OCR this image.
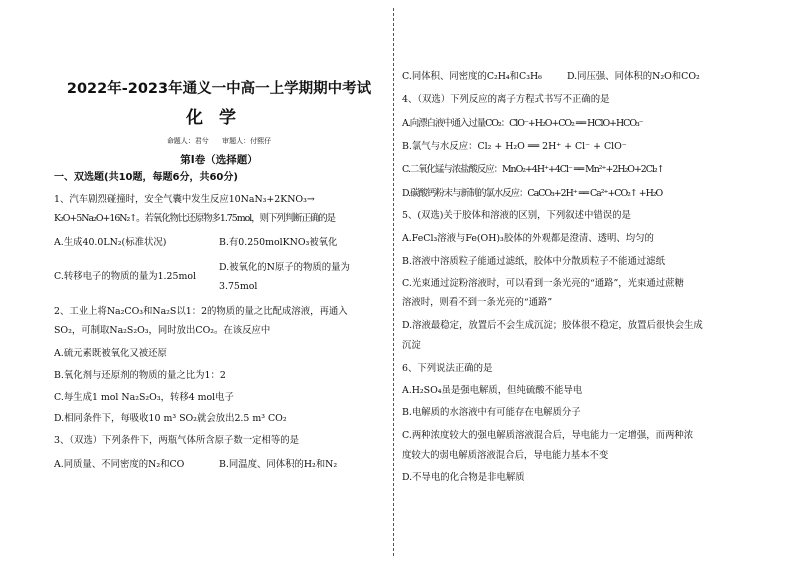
2022年-2023年通义一中高一上学期期中考试
化学
命题人：君兮 审题人：付熙仔
第I卷（选择题）
一、双选题(共10题，每题6分，共60分)
1、汽车剧烈碰撞时，安全气囊中发生反应10NaN₃+2KNO₃→
K₂O+5Na₂O+16N₂↑。若氧化物比还原物多1.75mol，则下列判断正确的是
A.生成40.0LN₂(标准状况)	B.有0.250molKNO₃被氧化
C.转移电子的物质的量为1.25mol
D.被氧化的N原子的物质的量为
3.75mol
2、工业上将Na₂CO₃和Na₂S以1：2的物质的量之比配成溶液，再通入
SO₂，可制取Na₂S₂O₃，同时放出CO₂。在该反应中
A.硫元素既被氧化又被还原
B.氧化剂与还原剂的物质的量之比为1：2
C.每生成1 mol Na₂S₂O₃，转移4 mol电子
D.相同条件下，每吸收10 m³ SO₂就会放出2.5 m³ CO₂
3、（双选）下列条件下，两瓶气体所含原子数一定相等的是
A.同质量、不同密度的N₂和CO	B.同温度、同体积的H₂和N₂
C.同体积、同密度的C₂H₄和C₃H₆	D.同压强、同体积的N₂O和CO₂
4、（双选）下列反应的离子方程式书写不正确的是
A.向漂白液中通入过量CO₂：ClO⁻+H₂O+CO₂ ══ HClO+HCO₃⁻
B.氯气与水反应：Cl₂ + H₂O ══ 2H⁺ + Cl⁻ + ClO⁻
C.二氧化锰与浓盐酸反应：MnO₂+4H⁺+4Cl⁻ ══ Mn²⁺+2H₂O+2Cl₂↑
D.碳酸钙粉末与新制的氯水反应：CaCO₃+2H⁺ ══ Ca²⁺+CO₂↑ +H₂O
5、(双选)关于胶体和溶液的区别，下列叙述中错误的是
A.FeCl₃溶液与Fe(OH)₃胶体的外观都是澄清、透明、均匀的
B.溶液中溶质粒子能通过滤纸，胶体中分散质粒子不能通过滤纸
C.光束通过淀粉溶液时，可以看到一条光亮的“通路”，光束通过蔗糖
溶液时，则看不到一条光亮的“通路”
D.溶液最稳定，放置后不会生成沉淀；胶体很不稳定，放置后很快会生成
沉淀
6、下列说法正确的是
A.H₂SO₄虽是强电解质，但纯硫酸不能导电
B.电解质的水溶液中有可能存在电解质分子
C.两种浓度较大的强电解质溶液混合后，导电能力一定增强，而两种浓
度较大的弱电解质溶液混合后，导电能力基本不变
D.不导电的化合物是非电解质
